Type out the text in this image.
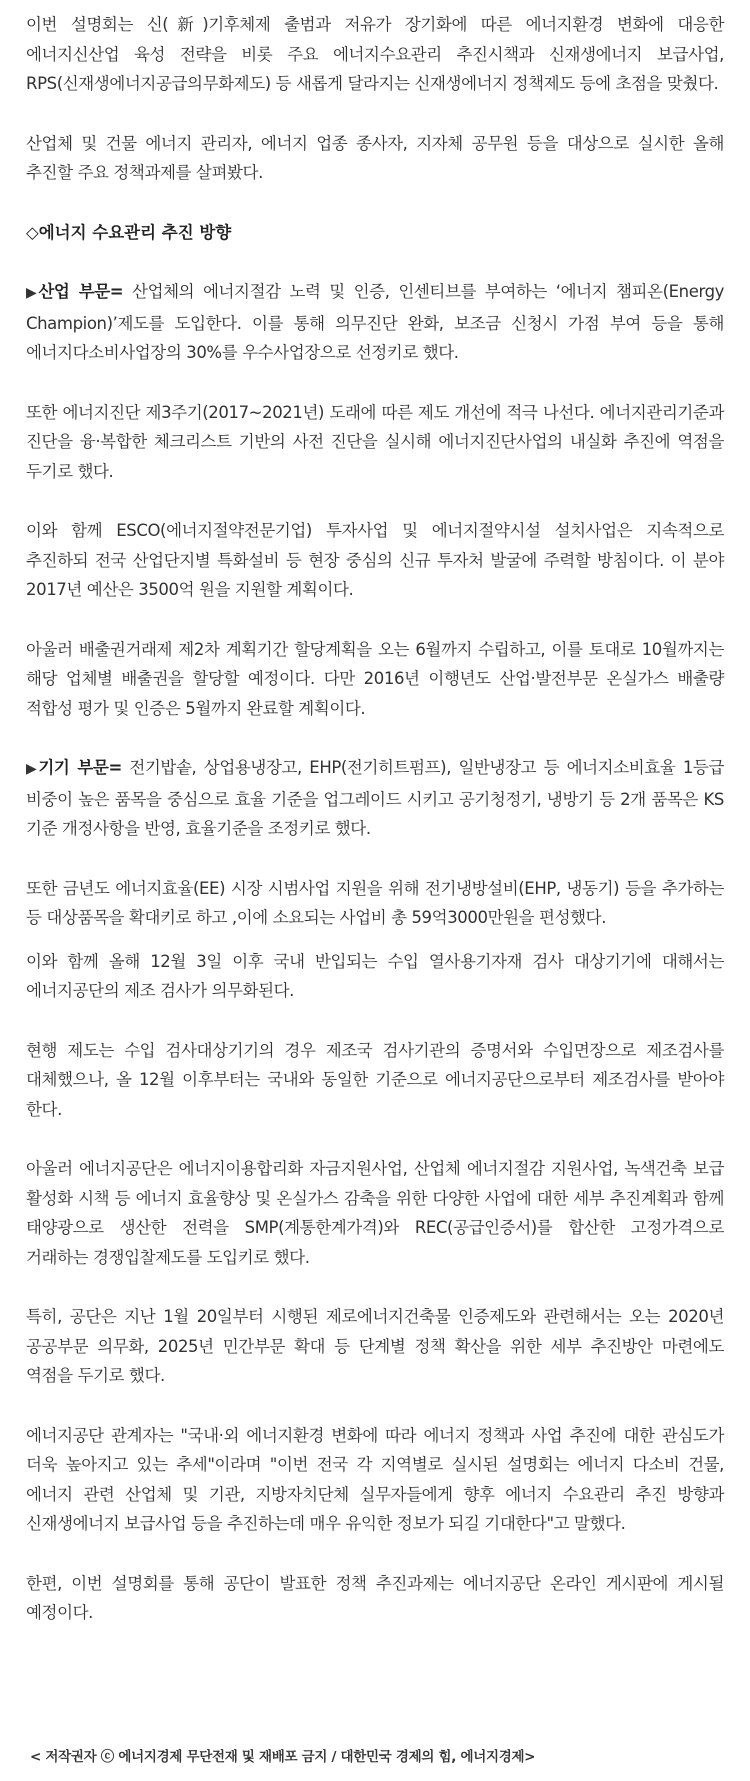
이번 설명회는 신(新)기후체제 출범과 저유가 장기화에 따른 에너지환경 변화에 대응한 에너지신산업 육성 전략을 비롯 주요 에너지수요관리 추진시책과 신재생에너지 보급사업, RPS(신재생에너지공급의무화제도) 등 새롭게 달라지는 신재생에너지 정책제도 등에 초점을 맞췄다.

산업체 및 건물 에너지 관리자, 에너지 업종 종사자, 지자체 공무원 등을 대상으로 실시한 올해 추진할 주요 정책과제를 살펴봤다.

◇에너지 수요관리 추진 방향

▶ 산업 부문= 산업체의 에너지절감 노력 및 인증, 인센티브를 부여하는 ‘에너지 챔피온(Energy Champion)’제도를 도입한다. 이를 통해 의무진단 완화, 보조금 신청시 가점 부여 등을 통해 에너지다소비사업장의 30%를 우수사업장으로 선정키로 했다.

또한 에너지진단 제3주기(2017~2021년) 도래에 따른 제도 개선에 적극 나선다. 에너지관리기준과 진단을 융·복합한 체크리스트 기반의 사전 진단을 실시해 에너지진단사업의 내실화 추진에 역점을 두기로 했다.

이와 함께 ESCO(에너지절약전문기업) 투자사업 및 에너지절약시설 설치사업은 지속적으로 추진하되 전국 산업단지별 특화설비 등 현장 중심의 신규 투자처 발굴에 주력할 방침이다. 이 분야 2017년 예산은 3500억 원을 지원할 계획이다.

아울러 배출권거래제 제2차 계획기간 할당계획을 오는 6월까지 수립하고, 이를 토대로 10월까지는 해당 업체별 배출권을 할당할 예정이다. 다만 2016년 이행년도 산업·발전부문 온실가스 배출량 적합성 평가 및 인증은 5월까지 완료할 계획이다.

▶ 기기 부문= 전기밥솥, 상업용냉장고, EHP(전기히트펌프), 일반냉장고 등 에너지소비효율 1등급 비중이 높은 품목을 중심으로 효율 기준을 업그레이드 시키고 공기청정기, 냉방기 등 2개 품목은 KS 기준 개정사항을 반영, 효율기준을 조정키로 했다.

또한 금년도 에너지효율(EE) 시장 시범사업 지원을 위해 전기냉방설비(EHP, 냉동기) 등을 추가하는 등 대상품목을 확대키로 하고 ,이에 소요되는 사업비 총 59억3000만원을 편성했다.

이와 함께 올해 12월 3일 이후 국내 반입되는 수입 열사용기자재 검사 대상기기에 대해서는 에너지공단의 제조 검사가 의무화된다.

현행 제도는 수입 검사대상기기의 경우 제조국 검사기관의 증명서와 수입면장으로 제조검사를 대체했으나, 올 12월 이후부터는 국내와 동일한 기준으로 에너지공단으로부터 제조검사를 받아야 한다.

아울러 에너지공단은 에너지이용합리화 자금지원사업, 산업체 에너지절감 지원사업, 녹색건축 보급 활성화 시책 등 에너지 효율향상 및 온실가스 감축을 위한 다양한 사업에 대한 세부 추진계획과 함께 태양광으로 생산한 전력을 SMP(계통한계가격)와 REC(공급인증서)를 합산한 고정가격으로 거래하는 경쟁입찰제도를 도입키로 했다.

특히, 공단은 지난 1월 20일부터 시행된 제로에너지건축물 인증제도와 관련해서는 오는 2020년 공공부문 의무화, 2025년 민간부문 확대 등 단계별 정책 확산을 위한 세부 추진방안 마련에도 역점을 두기로 했다.

에너지공단 관계자는 "국내·외 에너지환경 변화에 따라 에너지 정책과 사업 추진에 대한 관심도가 더욱 높아지고 있는 추세"이라며 "이번 전국 각 지역별로 실시된 설명회는 에너지 다소비 건물, 에너지 관련 산업체 및 기관, 지방자치단체 실무자들에게 향후 에너지 수요관리 추진 방향과 신재생에너지 보급사업 등을 추진하는데 매우 유익한 정보가 되길 기대한다"고 말했다.

한편, 이번 설명회를 통해 공단이 발표한 정책 추진과제는 에너지공단 온라인 게시판에 게시될 예정이다.

< 저작권자 ⓒ 에너지경제 무단전재 및 재배포 금지 / 대한민국 경제의 힘, 에너지경제>
